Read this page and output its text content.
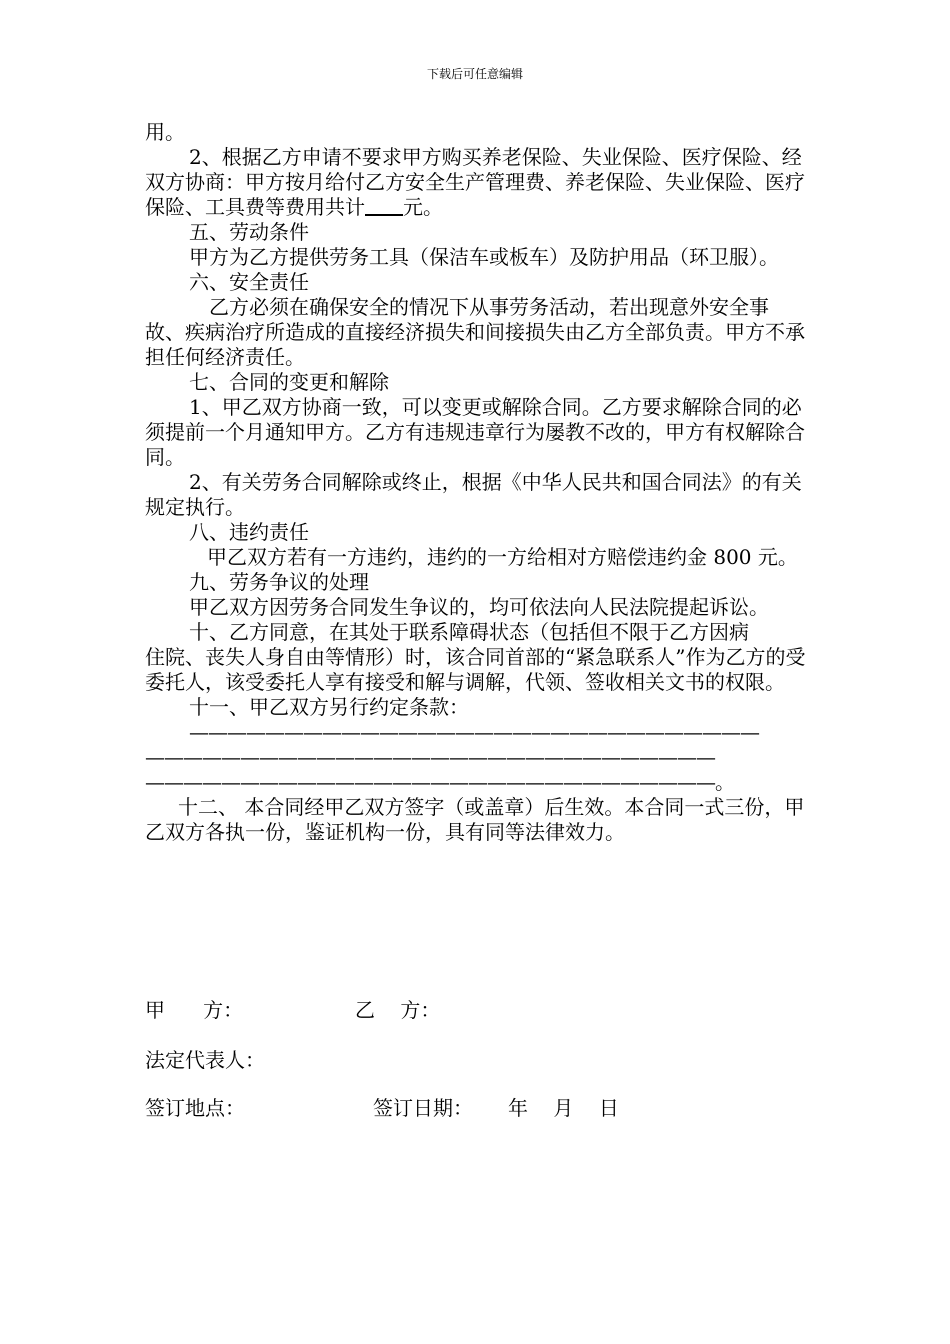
下载后可任意编辑

用。

2、根据乙方申请不要求甲方购买养老保险、失业保险、医疗保险、经双方协商：甲方按月给付乙方安全生产管理费、养老保险、失业保险、医疗保险、工具费等费用共计 元。

五、劳动条件

甲方为乙方提供劳务工具（保洁车或板车）及防护用品（环卫服）。

六、安全责任

乙方必须在确保安全的情况下从事劳务活动，若出现意外安全事故、疾病治疗所造成的直接经济损失和间接损失由乙方全部负责。甲方不承担任何经济责任。

七、合同的变更和解除

1、甲乙双方协商一致，可以变更或解除合同。乙方要求解除合同的必须提前一个月通知甲方。乙方有违规违章行为屡教不改的，甲方有权解除合同。

2、有关劳务合同解除或终止，根据《中华人民共和国合同法》的有关规定执行。

八、违约责任

甲乙双方若有一方违约，违约的一方给相对方赔偿违约金 800 元。

九、劳务争议的处理

甲乙双方因劳务合同发生争议的，均可依法向人民法院提起诉讼。

十、乙方同意，在其处于联系障碍状态（包括但不限于乙方因病

住院、丧失人身自由等情形）时，该合同首部的“紧急联系人”作为乙方的受委托人，该受委托人享有接受和解与调解，代领、签收相关文书的权限。

十一、甲乙双方另行约定条款：

——————————————————————————————

——————————————————————————————

——————————————————————————————。

十二、 本合同经甲乙双方签字（或盖章）后生效。本合同一式三份，甲乙双方各执一份，鉴证机构一份，具有同等法律效力。

甲      方：	乙    方：
法定代表人：
签订地点：	签订日期： 年    月    日
